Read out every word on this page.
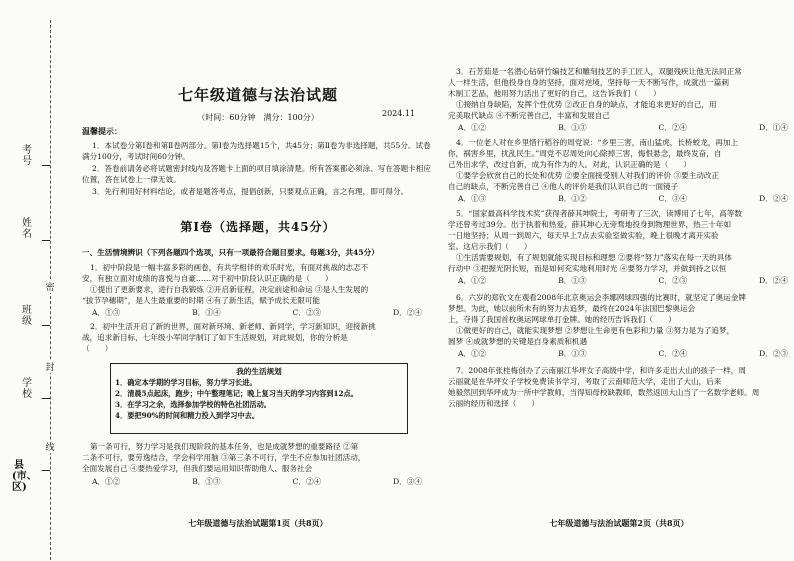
考号
姓名
班级
学校
县(市、区)
密
封
线
七年级道德与法治试题
（时间：60分钟　满分：100分）	2024.11
温馨提示：
1．本试卷分第Ⅰ卷和第Ⅱ卷两部分。第Ⅰ卷为选择题15个，共45分；第Ⅱ卷为非选择题，共55分。试卷满分100分，考试时间60分钟。
2．答卷前请务必将试题密封线内及答题卡上面的项目填涂清楚。所有答案都必须涂、写在答题卡相应位置，答在试卷上一律无效。
3．先行利用好材料结论，或者是题答考点，提倡创新，只要观点正确，言之有理，即可得分。
第Ⅰ卷（选择题，共45分）
一、生活情境辨识（下列各题四个选项，只有一项最符合题目要求。每题3分，共45分）
1．初中阶段是一幅丰富多彩的画卷，有共学相伴的欢乐时光，有面对挑战的志忑不
安，有独立面对成绩的喜悦与自豪……对于初中阶段认识正确的是（　　）
①提出了更新要求，进行自我锻炼 ②开启新征程，决定前途和命运 ③是人生发展的
“拔节孕穗期”，是人生最重要的时期 ④有了新生活，赋予成长无限可能
A．①③	B．①④	C．②③	D．②④
2．初中生活开启了新的世界，面对新环境、新老师、新同学，学习新知识，迎接新挑
战，追求新目标，七年级小军同学制订了如下生活规划，对此规划，你的分析是
（　　）
我的生活规划
1．确定本学期的学习目标，努力学习长进。
2．清晨5点起床，跑步；中午整理笔记；晚上复习当天的学习内容到12点。
3．在学习之余，选择参加学校的特色社团活动。
4．要把90%的时间和精力投入到学习中去。
第一条可行，努力学习是我们现阶段的基本任务，也是成就梦想的重要路径 ②第
二条不可行，要劳逸结合，学会科学用脑 ③第三条不可行，学生不应参加社团活动，
全面发展自己 ④要热爱学习，但我们要运用知识帮助他人、服务社会
A．①②	B．①③	C．②④	D．③④
七年级道德与法治试题第1页（共8页）
3．石芳茹是一名潜心钻研竹编技艺和雕刻技艺的手工匠人，双腿残疾让他无法同正常
人一样生活，但他投身自身的坚持，面对逆境，坚持每一天不断写作，成就出一篇刺
木制工艺品，他用努力活出了更好的自己，这告诉我们（　　）
①接纳自身缺陷，发挥个性优势 ②改正自身的缺点，才能追求更好的自己，用
完美取代缺点 ④不断完善自己，丰富和发展自己
A．①②	B．①③	C．②④	D．①④
4．一位老人对在乡里惜行稻谷的周党说：“乡里三害，南山猛虎，长桥蛟龙，再加上
你，祸害乡里，扰乱民生。”周党不忍周处向心除掉三害，悔恨悬念，最终发奋，自
己外出求学，改过自新，成为有作为的人。对此，认识正确的是（　　）
①要学会欣赏自己的长处和优势 ②要全面接受别人对我们的评价 ③要主动改正
自己的缺点，不断完善自己 ④他人的评价是我们认识自己的一面镜子
A．①③	B．①②	C．③④	D．②④
5．“国家最高科学技术奖”获得者薛其坤院士，考研考了三次，读博用了七年，高等数
学还曾考过39分。出于执着和热爱，薛其坤心无旁骛地投身到物理世界，热三十年如
一日地坚持；从周一到周六，每天早上7点去实验室做实验，晚上很晚才离开实验
室。这启示我们（　　）
①生活需要规划，有了规划就能实现目标和理想 ②要将“努力”落实在每一天的具体
行动中 ③把握光阴长短，而是如何充实地利用时光 ④要努力学习，并做到持之以恒
A．①②	B．①③	C．②③	D．②④
6．六岁的郑钦文在观看2008年北京奥运会李娜网球四强的比赛时，就坚定了奥运金牌
梦想。为此，她以前所未有的努力去追梦，最终在2024年法国巴黎奥运会
上，夺得了我国首枚奥运网球单打金牌。她的经历告诉我们（　　）
①做更好的自己，就能实现梦想 ②梦想让生命更有色彩和力量 ③努力是为了追梦，
圆梦 ④成就梦想的关键是自身素质和机遇
A．①②	B．①③	C．②④	D．②③
7．2008年张桂梅创办了云南丽江华坪女子高级中学，和许多走出大山的孩子一样，周
云丽就是在华坪女子学校免费读书学习，考取了云南师范大学，走出了大山，后来
她毅然回到华坪成为一所中学教师，当得知母校缺教师，数然返回大山当了一名数学老师。周
云丽的经历和选择（　　）
七年级道德与法治试题第2页（共8页）
